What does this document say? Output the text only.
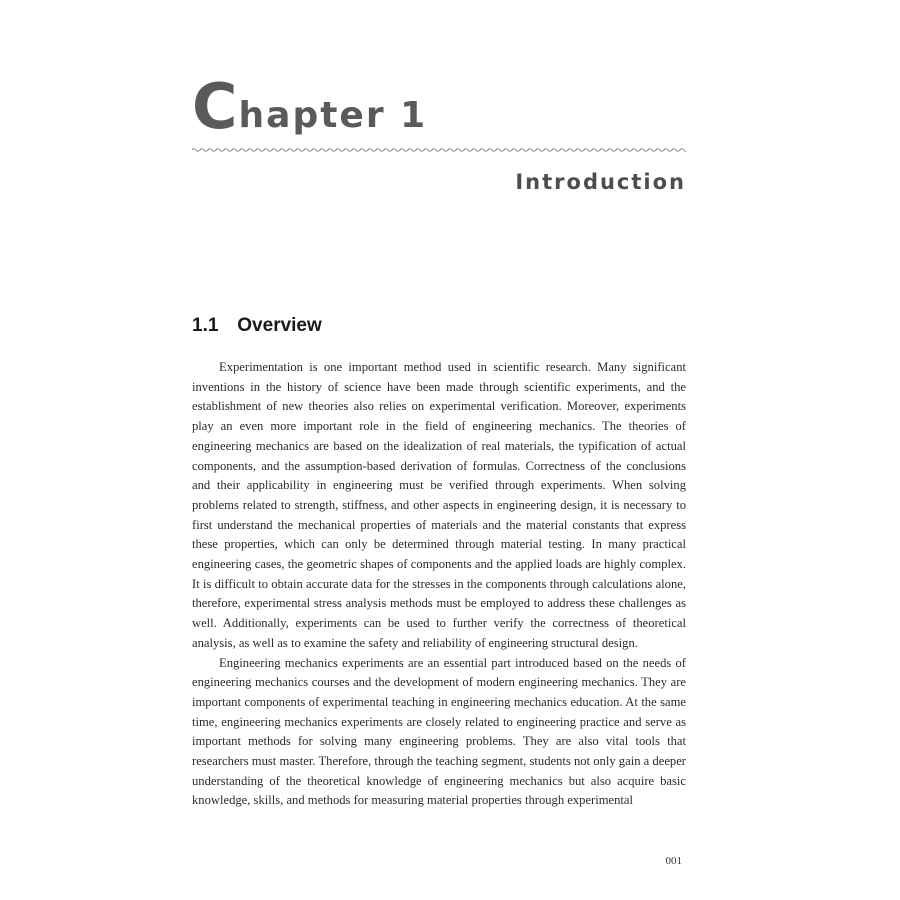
C hapter 1
Introduction
1.1 Overview

Experimentation is one important method used in scientific research. Many significant inventions in the history of science have been made through scientific experiments, and the establishment of new theories also relies on experimental verification. Moreover, experiments play an even more important role in the field of engineering mechanics. The theories of engineering mechanics are based on the idealization of real materials, the typification of actual components, and the assumption-based derivation of formulas. Correctness of the conclusions and their applicability in engineering must be verified through experiments. When solving problems related to strength, stiffness, and other aspects in engineering design, it is necessary to first understand the mechanical properties of materials and the material constants that express these properties, which can only be determined through material testing. In many practical engineering cases, the geometric shapes of components and the applied loads are highly complex. It is difficult to obtain accurate data for the stresses in the components through calculations alone, therefore, experimental stress analysis methods must be employed to address these challenges as well. Additionally, experiments can be used to further verify the correctness of theoretical analysis, as well as to examine the safety and reliability of engineering structural design.

Engineering mechanics experiments are an essential part introduced based on the needs of engineering mechanics courses and the development of modern engineering mechanics. They are important components of experimental teaching in engineering mechanics education. At the same time, engineering mechanics experiments are closely related to engineering practice and serve as important methods for solving many engineering problems. They are also vital tools that researchers must master. Therefore, through the teaching segment, students not only gain a deeper understanding of the theoretical knowledge of engineering mechanics but also acquire basic knowledge, skills, and methods for measuring material properties through experimental

001
